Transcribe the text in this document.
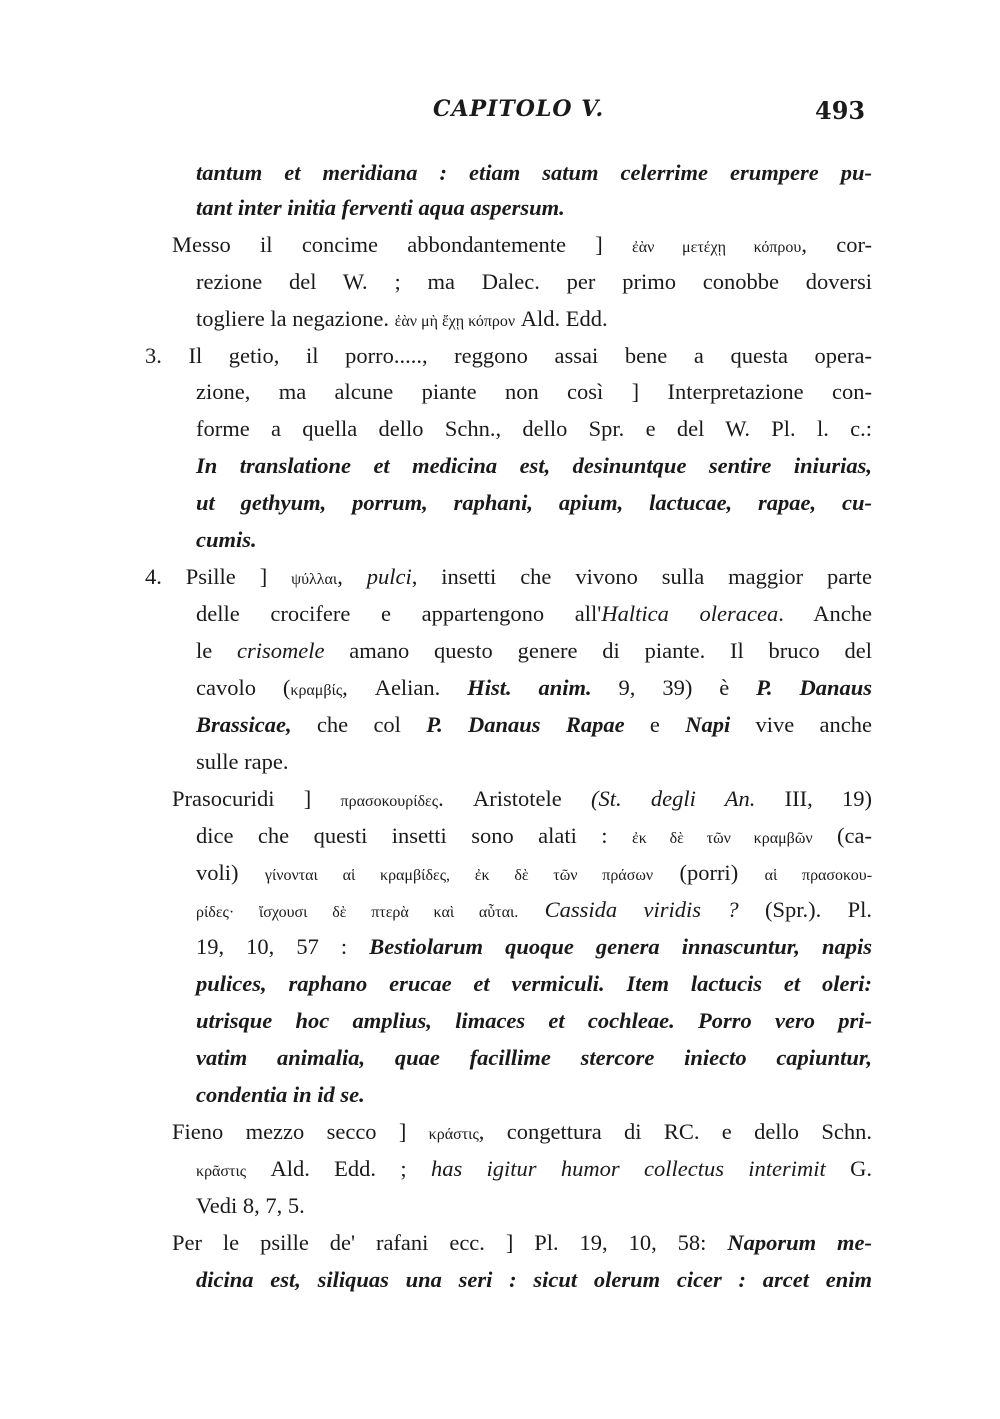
CAPITOLO V.	493
tantum et meridiana : etiam satum celerrime erumpere pu-
tant inter initia ferventi aqua aspersum.
Messo il concime abbondantemente ] ἐὰν μετέχῃ κόπρου, cor-
rezione del W. ; ma Dalec. per primo conobbe doversi
togliere la negazione. ἐὰν μὴ ἔχῃ κόπρον Ald. Edd.
3. Il getio, il porro....., reggono assai bene a questa opera-
zione, ma alcune piante non così ] Interpretazione con-
forme a quella dello Schn., dello Spr. e del W. Pl. l. c.:
In translatione et medicina est, desinuntque sentire iniurias,
ut gethyum, porrum, raphani, apium, lactucae, rapae, cu-
cumis.
4. Psille ] ψύλλαι, pulci, insetti che vivono sulla maggior parte
delle crocifere e appartengono all'Haltica oleracea. Anche
le crisomele amano questo genere di piante. Il bruco del
cavolo (κραμβίς, Aelian. Hist. anim. 9, 39) è P. Danaus
Brassicae, che col P. Danaus Rapae e Napi vive anche
sulle rape.
Prasocuridi ] πρασοκουρίδες. Aristotele (St. degli An. III, 19)
dice che questi insetti sono alati : ἐκ δὲ τῶν κραμβῶν (ca-
voli) γίνονται αἱ κραμβίδες, ἐκ δὲ τῶν πράσων (porri) αἱ πρασοκου-
ρίδες· ἴσχουσι δὲ πτερὰ καὶ αὗται. Cassida viridis ? (Spr.). Pl.
19, 10, 57 : Bestiolarum quoque genera innascuntur, napis
pulices, raphano erucae et vermiculi. Item lactucis et oleri:
utrisque hoc amplius, limaces et cochleae. Porro vero pri-
vatim animalia, quae facillime stercore iniecto capiuntur,
condentia in id se.
Fieno mezzo secco ] κράστις, congettura di RC. e dello Schn.
κρᾶστις Ald. Edd. ; has igitur humor collectus interimit G.
Vedi 8, 7, 5.
Per le psille de' rafani ecc. ] Pl. 19, 10, 58: Naporum me-
dicina est, siliquas una seri : sicut olerum cicer : arcet enim
